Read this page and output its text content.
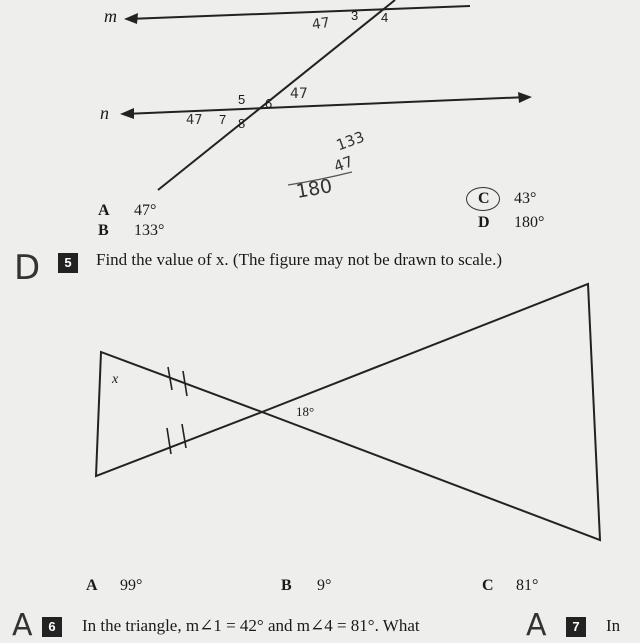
m
n
3 4
5 6
7 8
47
47
47
133
47
180
A 47°
B 133°
C 43°
D 180°
D	5	Find the value of x. (The figure may not be drawn to scale.)
x
18°
A 99°	B 9°	C 81°
A	6	In the triangle, m∠1 = 42° and m∠4 = 81°. What	A	7	In
